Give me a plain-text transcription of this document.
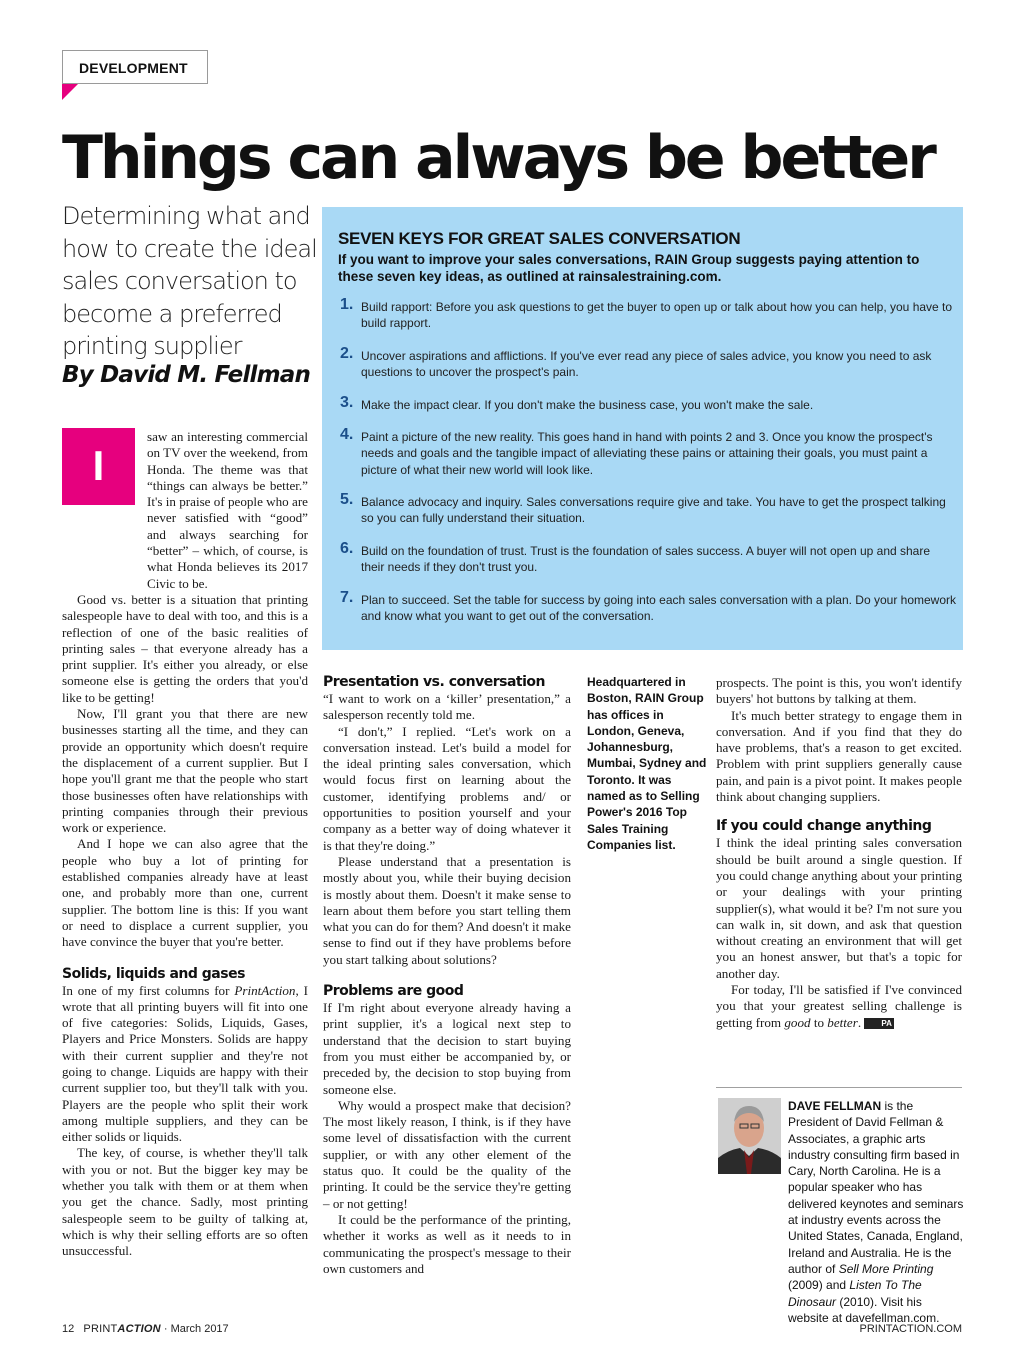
DEVELOPMENT
Things can always be better
Determining what and how to create the ideal sales conversation to become a preferred printing supplier
By David M. Fellman
SEVEN KEYS FOR GREAT SALES CONVERSATION
If you want to improve your sales conversations, RAIN Group suggests paying attention to these seven key ideas, as outlined at rainsalestraining.com.
1. Build rapport: Before you ask questions to get the buyer to open up or talk about how you can help, you have to build rapport.
2. Uncover aspirations and afflictions. If you've ever read any piece of sales advice, you know you need to ask questions to uncover the prospect's pain.
3. Make the impact clear. If you don't make the business case, you won't make the sale.
4. Paint a picture of the new reality. This goes hand in hand with points 2 and 3. Once you know the prospect's needs and goals and the tangible impact of alleviating these pains or attaining their goals, you must paint a picture of what their new world will look like.
5. Balance advocacy and inquiry. Sales conversations require give and take. You have to get the prospect talking so you can fully understand their situation.
6. Build on the foundation of trust. Trust is the foundation of sales success. A buyer will not open up and share their needs if they don't trust you.
7. Plan to succeed. Set the table for success by going into each sales conversation with a plan. Do your homework and know what you want to get out of the conversation.
I

saw an interesting commercial on TV over the weekend, from Honda. The theme was that “things can always be better.” It's in praise of people who are never satisfied with “good” and always searching for “better” – which, of course, is what Honda believes its 2017 Civic to be.

Good vs. better is a situation that printing salespeople have to deal with too, and this is a reflection of one of the basic realities of printing sales – that everyone already has a print supplier. It's either you already, or else someone else is getting the orders that you'd like to be getting!

Now, I'll grant you that there are new businesses starting all the time, and they can provide an opportunity which doesn't require the displacement of a current supplier. But I hope you'll grant me that the people who start those businesses often have relationships with printing companies through their previous work or experience.

And I hope we can also agree that the people who buy a lot of printing for established companies already have at least one, and probably more than one, current supplier. The bottom line is this: If you want or need to displace a current supplier, you have convince the buyer that you're better.

Solids, liquids and gases

In one of my first columns for PrintAction, I wrote that all printing buyers will fit into one of five categories: Solids, Liquids, Gases, Players and Price Monsters. Solids are happy with their current supplier and they're not going to change. Liquids are happy with their current supplier too, but they'll talk with you. Players are the people who split their work among multiple suppliers, and they can be either solids or liquids.

The key, of course, is whether they'll talk with you or not. But the bigger key may be whether you talk with them or at them when you get the chance. Sadly, most printing salespeople seem to be guilty of talking at, which is why their selling efforts are so often unsuccessful.

Presentation vs. conversation

“I want to work on a ‘killer’ presentation,” a salesperson recently told me.

“I don't,” I replied. “Let's work on a conversation instead. Let's build a model for the ideal printing sales conversation, which would focus first on learning about the customer, identifying problems and/ or opportunities to position yourself and your company as a better way of doing whatever it is that they're doing.”

Please understand that a presentation is mostly about you, while their buying decision is mostly about them. Doesn't it make sense to learn about them before you start telling them what you can do for them? And doesn't it make sense to find out if they have problems before you start talking about solutions?

Problems are good

If I'm right about everyone already having a print supplier, it's a logical next step to understand that the decision to start buying from you must either be accompanied by, or preceded by, the decision to stop buying from someone else.

Why would a prospect make that decision? The most likely reason, I think, is if they have some level of dissatisfaction with the current supplier, or with any other element of the status quo. It could be the quality of the printing. It could be the service they're getting – or not getting!

It could be the performance of the printing, whether it works as well as it needs to in communicating the prospect's message to their own customers and

Headquartered in Boston, RAIN Group has offices in London, Geneva, Johannesburg, Mumbai, Sydney and Toronto. It was named as to Selling Power's 2016 Top Sales Training Companies list.

prospects. The point is this, you won't identify buyers' hot buttons by talking at them.

It's much better strategy to engage them in conversation. And if you find that they do have problems, that's a reason to get excited. Problem with print suppliers generally cause pain, and pain is a pivot point. It makes people think about changing suppliers.

If you could change anything

I think the ideal printing sales conversation should be built around a single question. If you could change anything about your printing or your dealings with your printing supplier(s), what would it be? I'm not sure you can walk in, sit down, and ask that question without creating an environment that will get you an honest answer, but that's a topic for another day.

For today, I'll be satisfied if I've convinced you that your greatest selling challenge is getting from good to better.	PA

DAVE FELLMAN is the President of David Fellman & Associates, a graphic arts industry consulting firm based in Cary, North Carolina. He is a popular speaker who has delivered keynotes and seminars at industry events across the United States, Canada, England, Ireland and Australia. He is the author of Sell More Printing (2009) and Listen To The Dinosaur (2010). Visit his website at davefellman.com.
12 PRINTACTION · March 2017	PRINTACTION.COM
